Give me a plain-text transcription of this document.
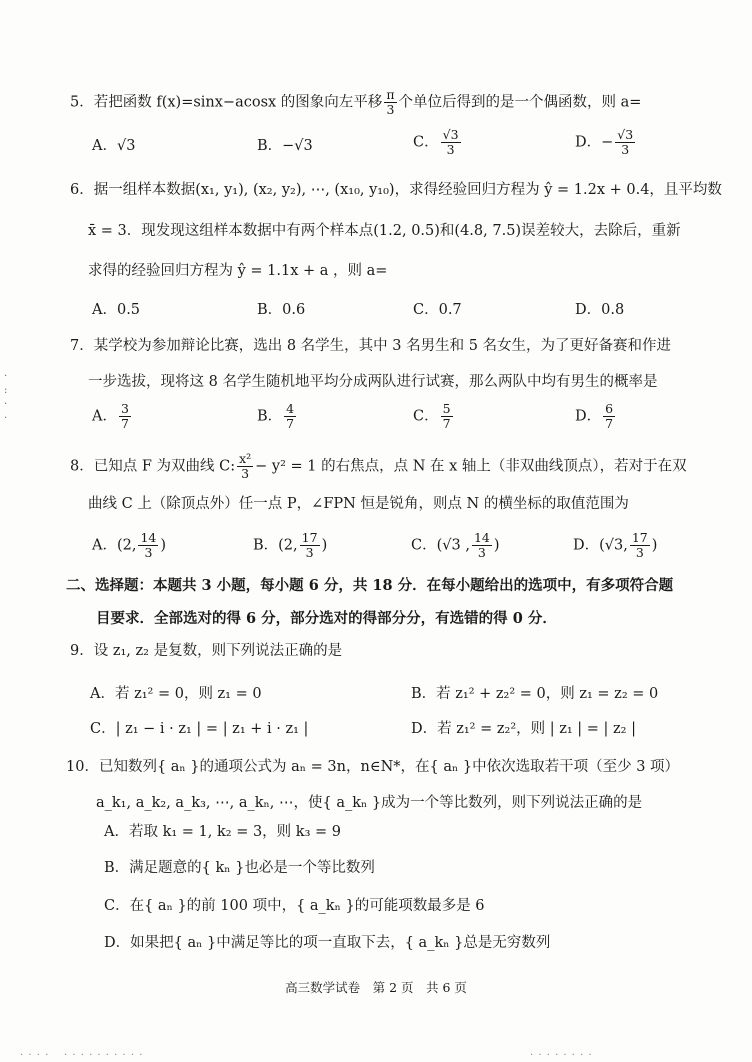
5．若把函数 f(x)=sinx−acosx 的图象向左平移 $\frac{\pi}{3}$ 个单位后得到的是一个偶函数，则 a=
A．√3	B．−√3	C． $\frac{√3}{3}$	D．− $\frac{√3}{3}$
6．据一组样本数据(x₁, y₁), (x₂, y₂), ⋯, (x₁₀, y₁₀)，求得经验回归方程为 ŷ = 1.2x + 0.4，且平均数
x̄ = 3．现发现这组样本数据中有两个样本点(1.2, 0.5)和(4.8, 7.5)误差较大，去除后，重新
求得的经验回归方程为 ŷ = 1.1x + a ，则 a=
A．0.5	B．0.6	C．0.7	D．0.8
7．某学校为参加辩论比赛，选出 8 名学生，其中 3 名男生和 5 名女生，为了更好备赛和作进
一步选拔，现将这 8 名学生随机地平均分成两队进行试赛，那么两队中均有男生的概率是
A． $\frac{3}{7}$	B． $\frac{4}{7}$	C． $\frac{5}{7}$	D． $\frac{6}{7}$
8．已知点 F 为双曲线 C: $\frac{\text{x²}}{3} - y^2 = 1$ 的右焦点，点 N 在 x 轴上（非双曲线顶点），若对于在双
曲线 C 上（除顶点外）任一点 P，∠FPN 恒是锐角，则点 N 的横坐标的取值范围为
A．(2, $\frac{14}{3}$ )	B．(2, $\frac{17}{3}$ )	C．(√3 , $\frac{14}{3}$ )	D．(√3, $\frac{17}{3}$ )
二、选择题：本题共 3 小题，每小题 6 分，共 18 分．在每小题给出的选项中，有多项符合题
目要求．全部选对的得 6 分，部分选对的得部分分，有选错的得 0 分．
9．设 z₁, z₂ 是复数，则下列说法正确的是
A．若 z₁² = 0，则 z₁ = 0	B．若 z₁² + z₂² = 0，则 z₁ = z₂ = 0
C．| z₁ − i · z₁ | = | z₁ + i · z₁ |	D．若 z₁² = z₂²，则 | z₁ | = | z₂ |
10．已知数列{ aₙ }的通项公式为 aₙ = 3n，n∈N*，在{ aₙ }中依次选取若干项（至少 3 项）
a_k₁, a_k₂, a_k₃, ⋯, a_kₙ, ⋯，使{ a_kₙ }成为一个等比数列，则下列说法正确的是
A．若取 k₁ = 1, k₂ = 3，则 k₃ = 9
B．满足题意的{ kₙ }也必是一个等比数列
C．在{ aₙ }的前 100 项中，{ a_kₙ }的可能项数最多是 6
D．如果把{ aₙ }中满足等比的项一直取下去，{ a_kₙ }总是无穷数列
高三数学试卷　第 2 页　共 6 页
·
:
·
·
· · · · · · · · · · · · · ·	· · · · · · · ·
